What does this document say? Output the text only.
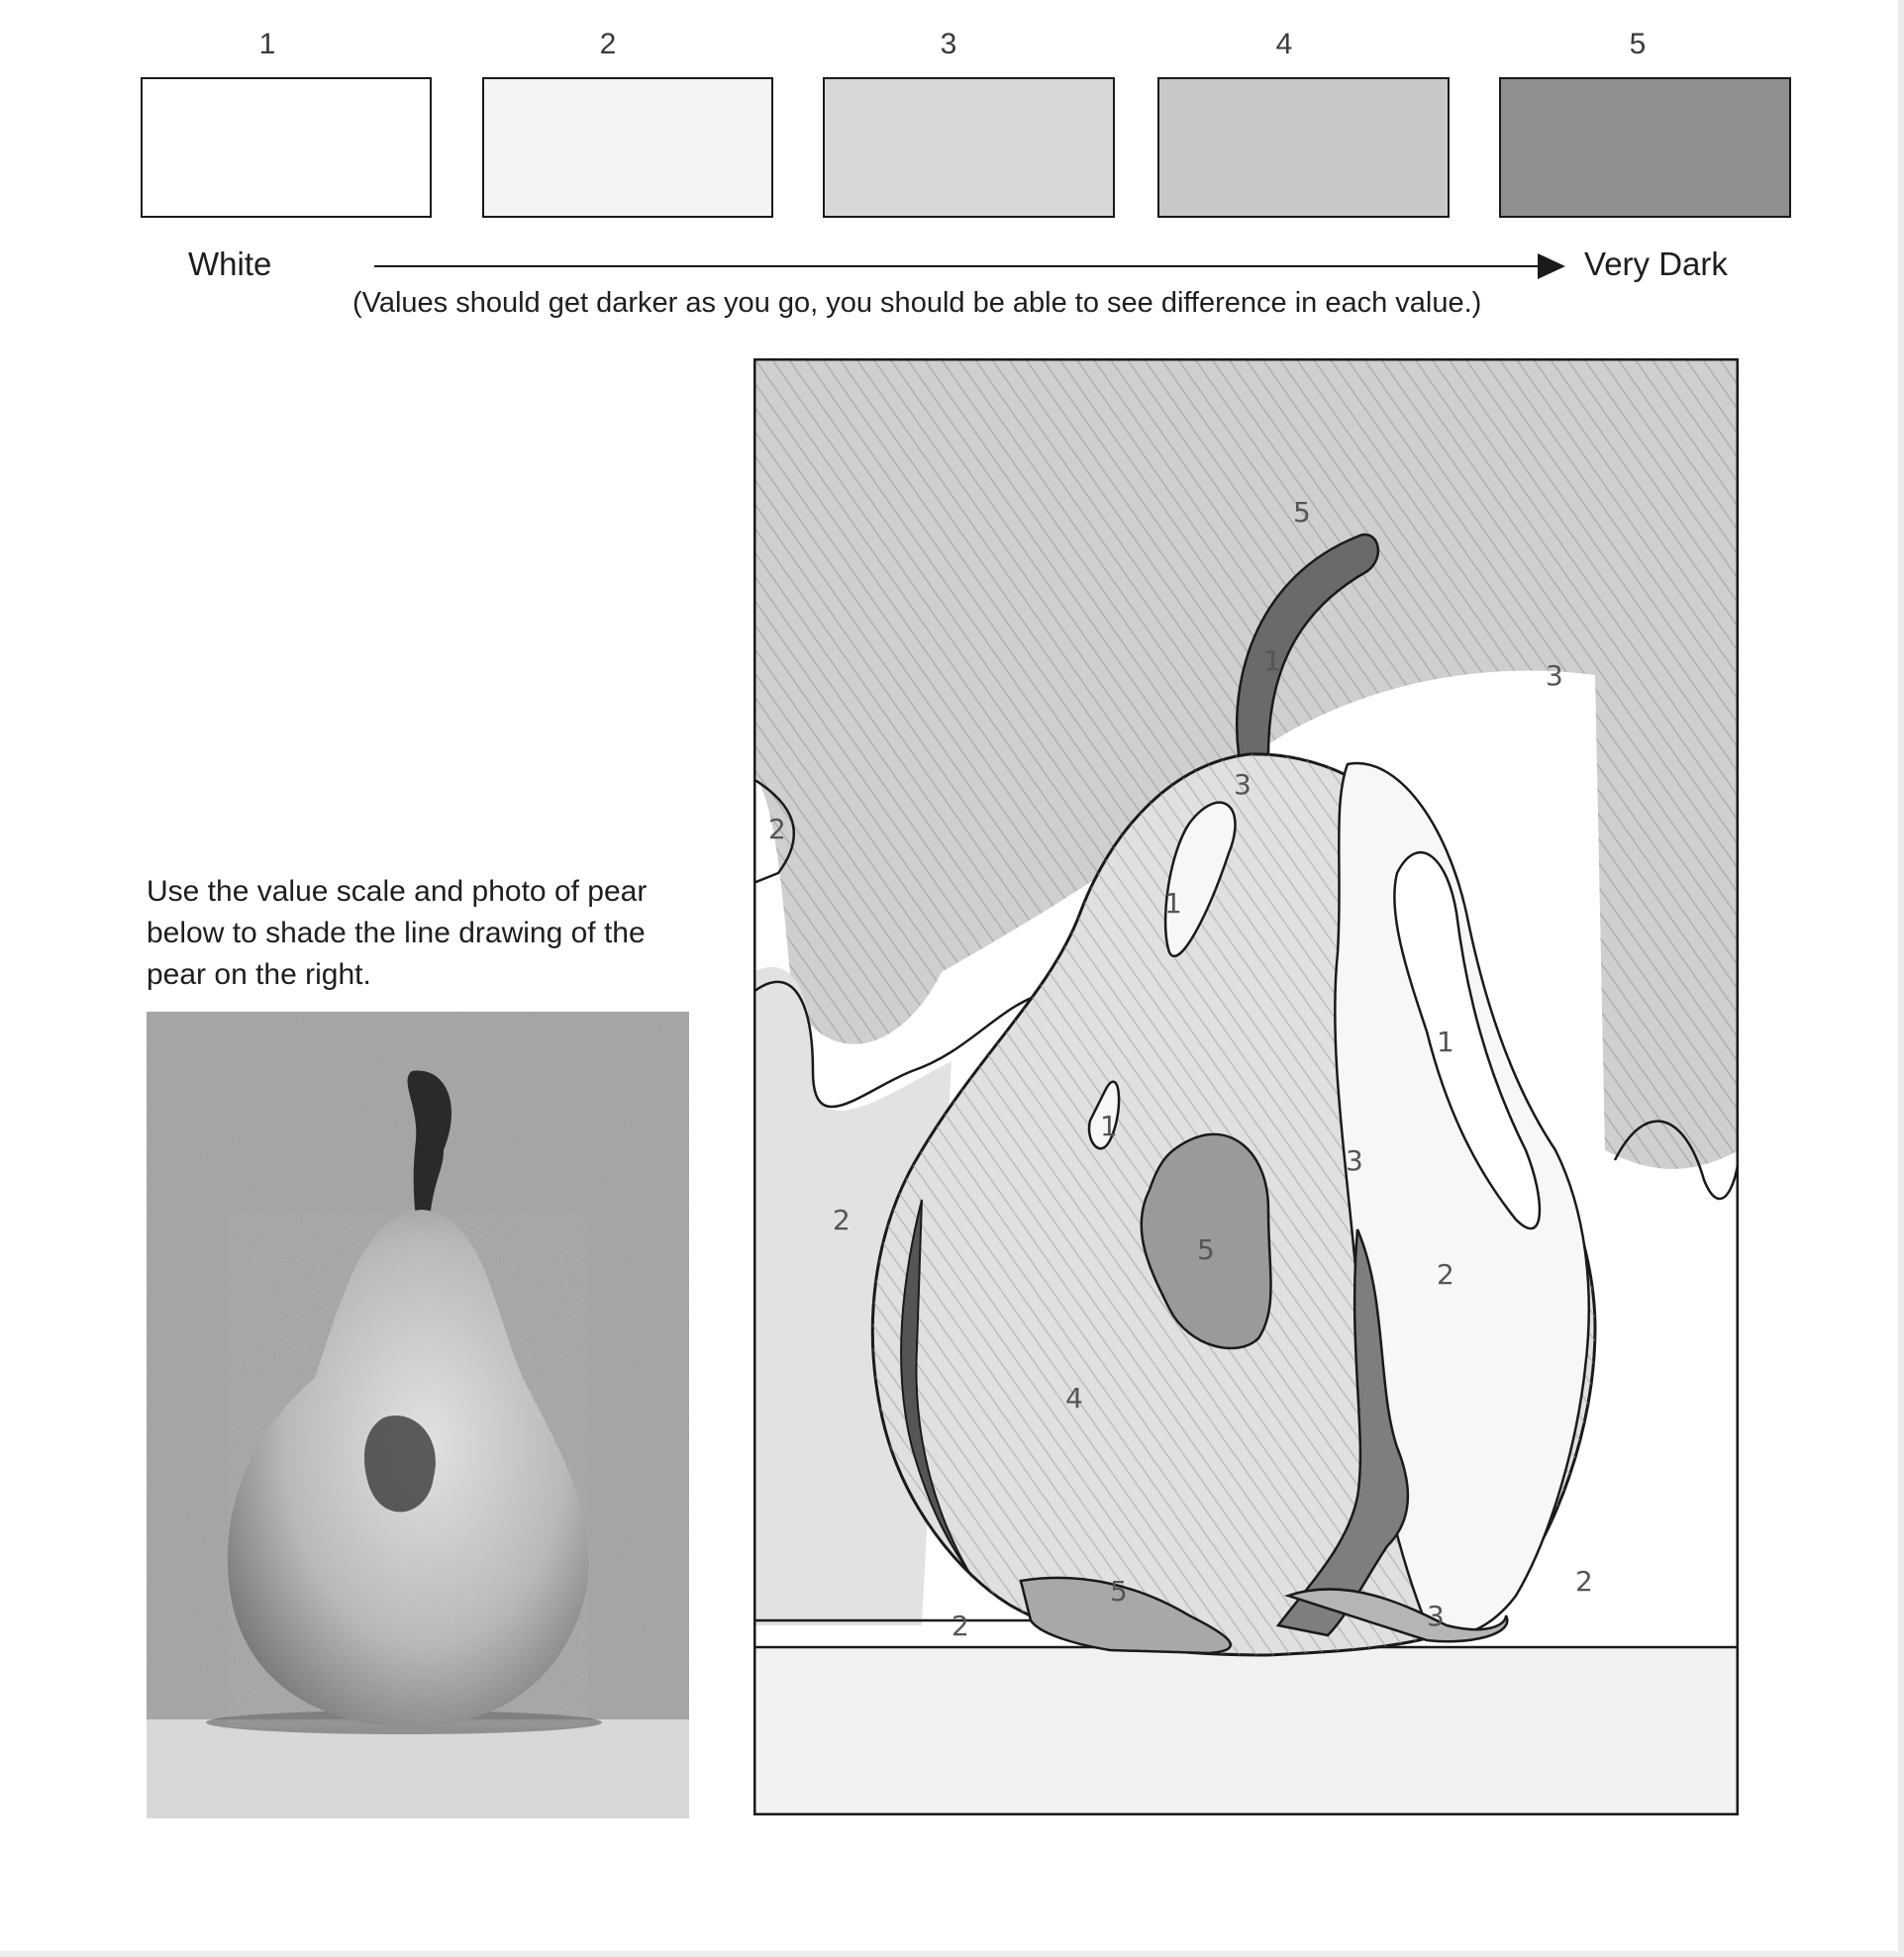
1	2	3	4	5
White	Very Dark
(Values should get darker as you go, you should be able to see difference in each value.)
Use the value scale and photo of pear below to shade the line drawing of the pear on the right.
5
1
3
3
2
1
1
1
2
3
5
2
4
5
2	3
2
